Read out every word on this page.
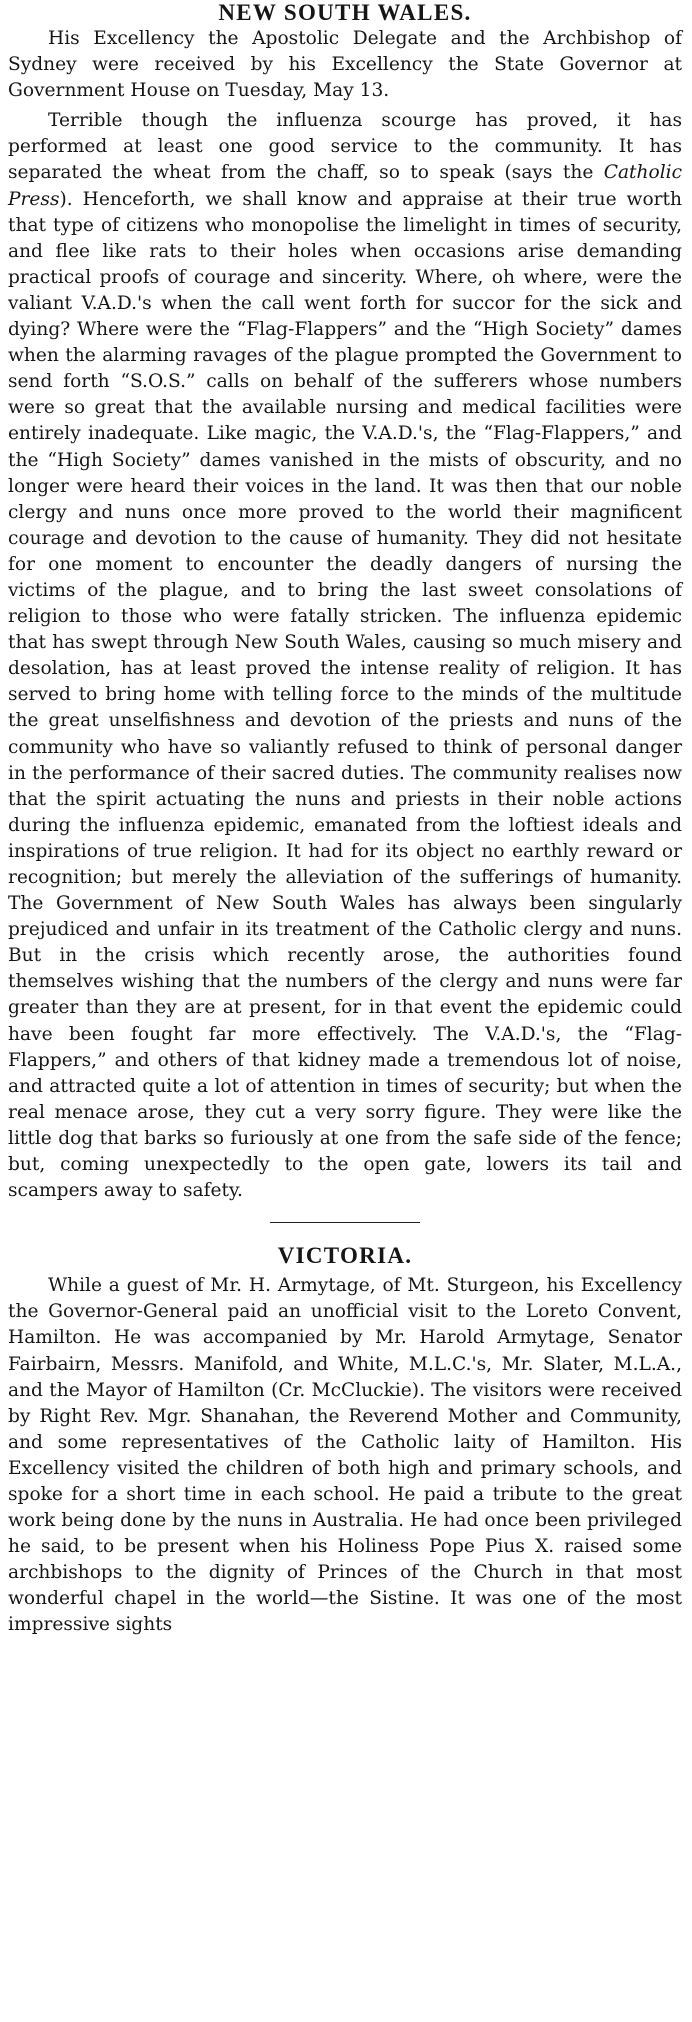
NEW SOUTH WALES.

His Excellency the Apostolic Delegate and the Archbishop of Sydney were received by his Excellency the State Governor at Government House on Tuesday, May 13.

Terrible though the influenza scourge has proved, it has performed at least one good service to the community. It has separated the wheat from the chaff, so to speak (says the Catholic Press). Henceforth, we shall know and appraise at their true worth that type of citizens who monopolise the limelight in times of security, and flee like rats to their holes when occasions arise demanding practical proofs of courage and sincerity. Where, oh where, were the valiant V.A.D.'s when the call went forth for succor for the sick and dying? Where were the “Flag-Flappers” and the “High Society” dames when the alarming ravages of the plague prompted the Government to send forth “S.O.S.” calls on behalf of the sufferers whose numbers were so great that the available nursing and medical facilities were entirely inadequate. Like magic, the V.A.D.'s, the “Flag-Flappers,” and the “High Society” dames vanished in the mists of obscurity, and no longer were heard their voices in the land. It was then that our noble clergy and nuns once more proved to the world their magnificent courage and devotion to the cause of humanity. They did not hesitate for one moment to encounter the deadly dangers of nursing the victims of the plague, and to bring the last sweet consolations of religion to those who were fatally stricken. The influenza epidemic that has swept through New South Wales, causing so much misery and desolation, has at least proved the intense reality of religion. It has served to bring home with telling force to the minds of the multitude the great unselfishness and devotion of the priests and nuns of the community who have so valiantly refused to think of personal danger in the performance of their sacred duties. The community realises now that the spirit actuating the nuns and priests in their noble actions during the influenza epidemic, emanated from the loftiest ideals and inspirations of true religion. It had for its object no earthly reward or recognition; but merely the alleviation of the sufferings of humanity. The Government of New South Wales has always been singularly prejudiced and unfair in its treatment of the Catholic clergy and nuns. But in the crisis which recently arose, the authorities found themselves wishing that the numbers of the clergy and nuns were far greater than they are at present, for in that event the epidemic could have been fought far more effectively. The V.A.D.'s, the “Flag-Flappers,” and others of that kidney made a tremendous lot of noise, and attracted quite a lot of attention in times of security; but when the real menace arose, they cut a very sorry figure. They were like the little dog that barks so furiously at one from the safe side of the fence; but, coming unexpectedly to the open gate, lowers its tail and scampers away to safety.

VICTORIA.

While a guest of Mr. H. Armytage, of Mt. Sturgeon, his Excellency the Governor-General paid an unofficial visit to the Loreto Convent, Hamilton. He was accompanied by Mr. Harold Armytage, Senator Fairbairn, Messrs. Manifold, and White, M.L.C.'s, Mr. Slater, M.L.A., and the Mayor of Hamilton (Cr. McCluckie). The visitors were received by Right Rev. Mgr. Shanahan, the Reverend Mother and Community, and some representatives of the Catholic laity of Hamilton. His Excellency visited the children of both high and primary schools, and spoke for a short time in each school. He paid a tribute to the great work being done by the nuns in Australia. He had once been privileged he said, to be present when his Holiness Pope Pius X. raised some archbishops to the dignity of Princes of the Church in that most wonderful chapel in the world—the Sistine. It was one of the most impressive sights
